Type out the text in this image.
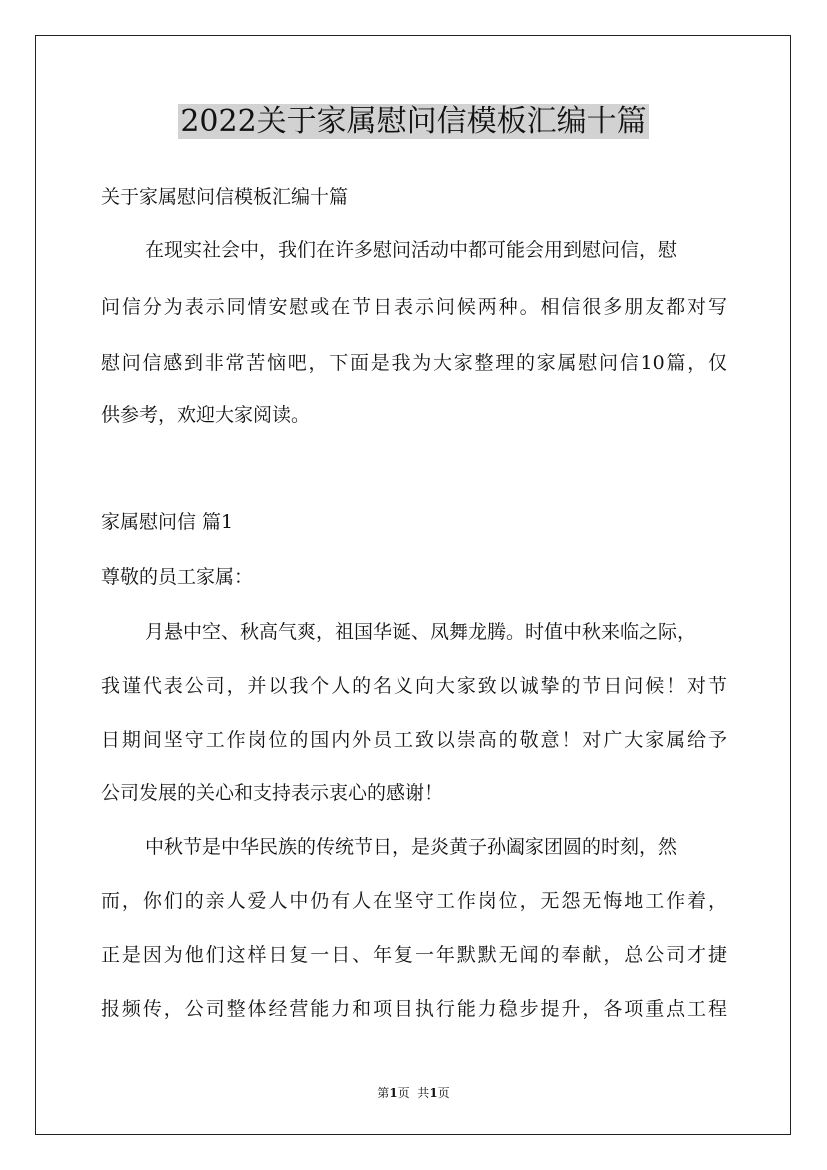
2022关于家属慰问信模板汇编十篇
关于家属慰问信模板汇编十篇
在现实社会中，我们在许多慰问活动中都可能会用到慰问信，慰
问信分为表示同情安慰或在节日表示问候两种。相信很多朋友都对写
慰问信感到非常苦恼吧，下面是我为大家整理的家属慰问信10篇，仅
供参考，欢迎大家阅读。
家属慰问信 篇1
尊敬的员工家属：
月悬中空、秋高气爽，祖国华诞、凤舞龙腾。时值中秋来临之际，
我谨代表公司，并以我个人的名义向大家致以诚挚的节日问候！对节
日期间坚守工作岗位的国内外员工致以崇高的敬意！对广大家属给予
公司发展的关心和支持表示衷心的感谢！
中秋节是中华民族的传统节日，是炎黄子孙阖家团圆的时刻，然
而，你们的亲人爱人中仍有人在坚守工作岗位，无怨无悔地工作着，
正是因为他们这样日复一日、年复一年默默无闻的奉献，总公司才捷
报频传，公司整体经营能力和项目执行能力稳步提升，各项重点工程
第1页  共1页
